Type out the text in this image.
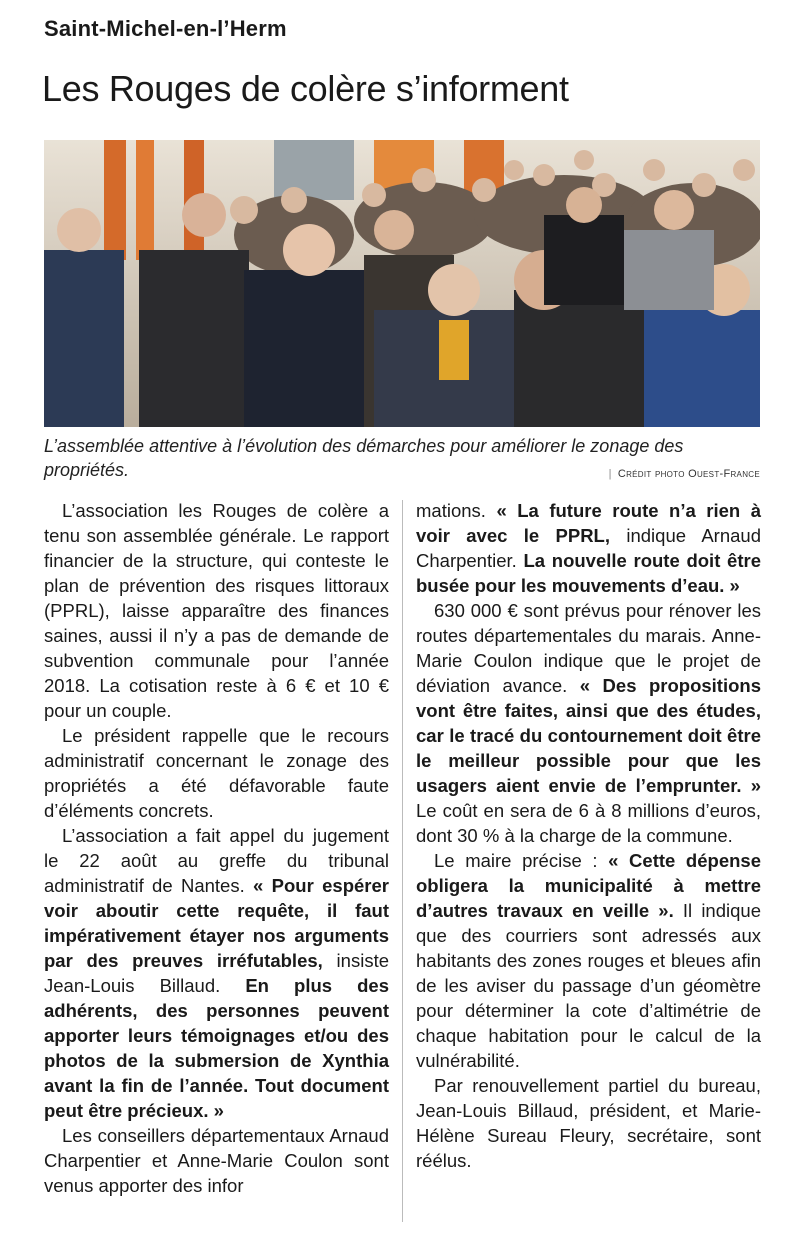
Saint-Michel-en-l’Herm
Les Rouges de colère s’informent
L’assemblée attentive à l’évolution des démarches pour améliorer le zonage des propriétés.	| Crédit photo Ouest-France

L’association les Rouges de colère a tenu son assemblée générale. Le rapport financier de la structure, qui conteste le plan de prévention des risques littoraux (PPRL), laisse apparaître des finances saines, aussi il n’y a pas de demande de subvention communale pour l’année 2018. La cotisation reste à 6 € et 10 € pour un couple.

Le président rappelle que le recours administratif concernant le zonage des propriétés a été défavorable faute d’éléments concrets.

L’association a fait appel du jugement le 22 août au greffe du tribunal administratif de Nantes. « Pour espérer voir aboutir cette requête, il faut impérativement étayer nos arguments par des preuves irréfutables, insiste Jean-Louis Billaud. En plus des adhérents, des personnes peuvent apporter leurs témoignages et/ou des photos de la submersion de Xynthia avant la fin de l’année. Tout document peut être précieux. »

Les conseillers départementaux Arnaud Charpentier et Anne-Marie Coulon sont venus apporter des infor

mations. « La future route n’a rien à voir avec le PPRL, indique Arnaud Charpentier. La nouvelle route doit être busée pour les mouvements d’eau. »

630 000 € sont prévus pour rénover les routes départementales du marais. Anne-Marie Coulon indique que le projet de déviation avance. « Des propositions vont être faites, ainsi que des études, car le tracé du contournement doit être le meilleur possible pour que les usagers aient envie de l’emprunter. » Le coût en sera de 6 à 8 millions d’euros, dont 30 % à la charge de la commune.

Le maire précise : « Cette dépense obligera la municipalité à mettre d’autres travaux en veille ». Il indique que des courriers sont adressés aux habitants des zones rouges et bleues afin de les aviser du passage d’un géomètre pour déterminer la cote d’altimétrie de chaque habitation pour le calcul de la vulnérabilité.

Par renouvellement partiel du bureau, Jean-Louis Billaud, président, et Marie-Hélène Sureau Fleury, secrétaire, sont réélus.
